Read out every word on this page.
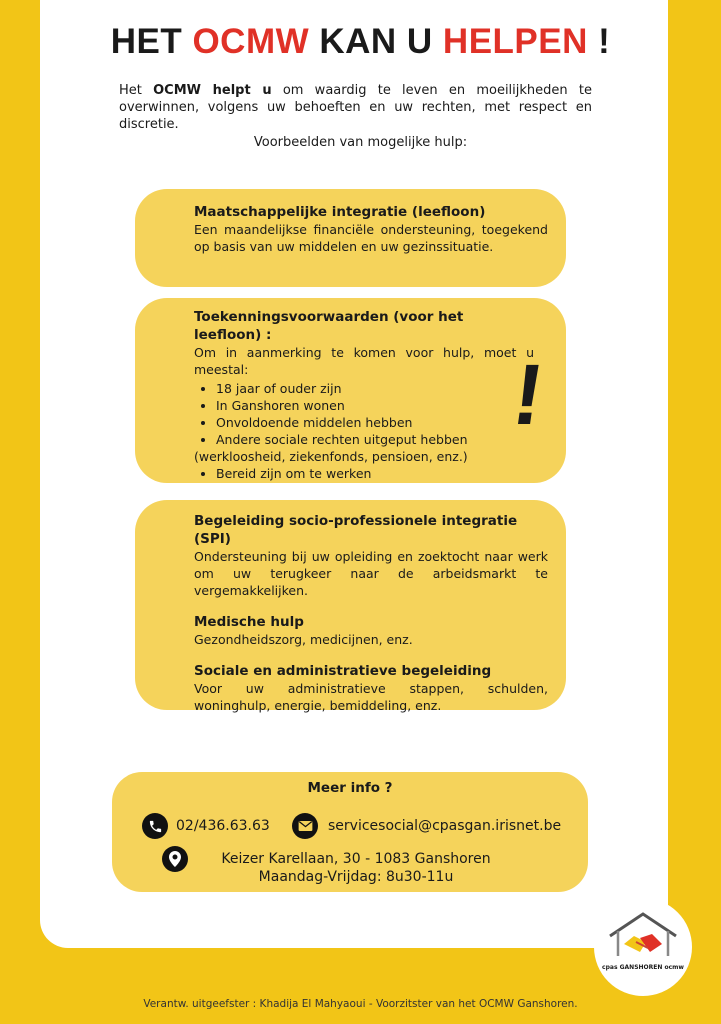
HET OCMW KAN U HELPEN !
Het OCMW helpt u om waardig te leven en moeilijkheden te overwinnen, volgens uw behoeften en uw rechten, met respect en discretie.
Voorbeelden van mogelijke hulp:
Maatschappelijke integratie (leefloon)

Een maandelijkse financiële ondersteuning, toegekend op basis van uw middelen en uw gezinssituatie.

Toekenningsvoorwaarden (voor het leefloon) :

Om in aanmerking te komen voor hulp, moet u meestal:

• 18 jaar of ouder zijn
• In Ganshoren wonen
• Onvoldoende middelen hebben
• Andere sociale rechten uitgeput hebben
(werkloosheid, ziekenfonds, pensioen, enz.)
• Bereid zijn om te werken
!
Begeleiding socio-professionele integratie (SPI)

Ondersteuning bij uw opleiding en zoektocht naar werk om uw terugkeer naar de arbeidsmarkt te vergemakkelijken.

Medische hulp

Gezondheidszorg, medicijnen, enz.

Sociale en administratieve begeleiding

Voor uw administratieve stappen, schulden, woninghulp, energie, bemiddeling, enz.

Meer info ?
02/436.63.63	servicesocial@cpasgan.irisnet.be
Keizer Karellaan, 30 - 1083 Ganshoren
Maandag-Vrijdag: 8u30-11u
cpas GANSHOREN ocmw
Verantw. uitgeefster : Khadija El Mahyaoui - Voorzitster van het OCMW Ganshoren.
